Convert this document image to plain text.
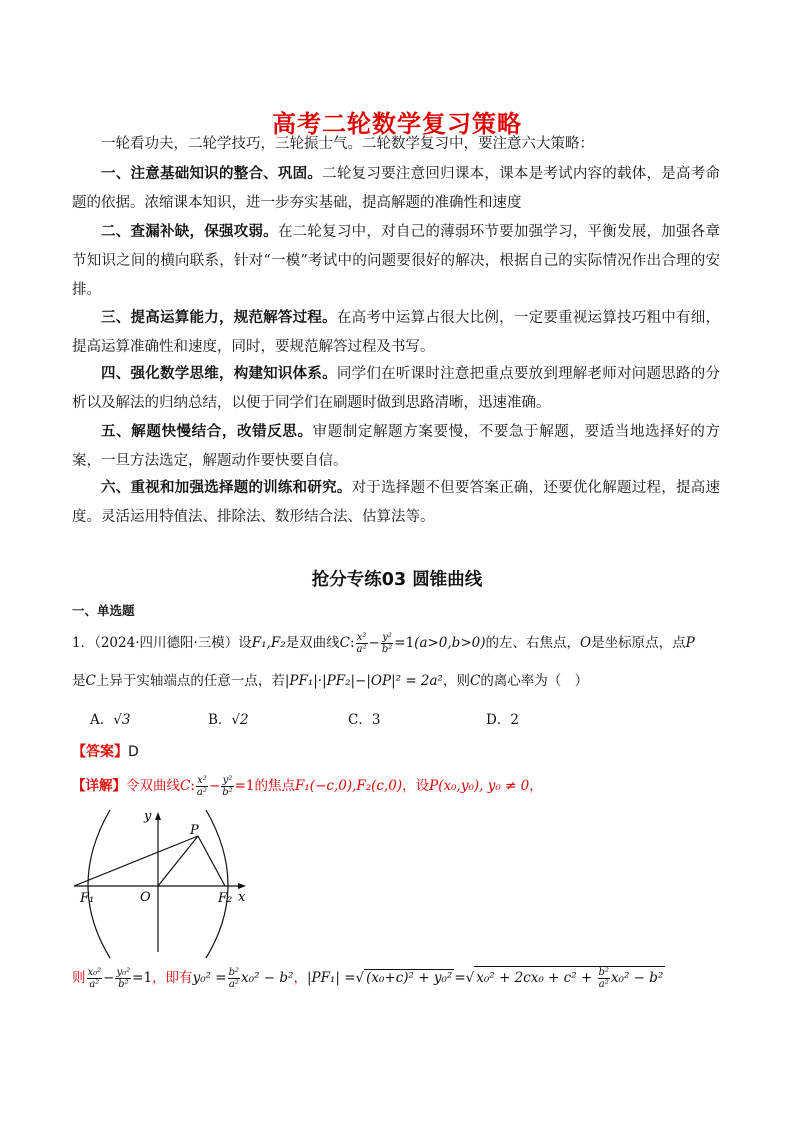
高考二轮数学复习策略

一轮看功夫，二轮学技巧，三轮振士气。二轮数学复习中，要注意六大策略：

一、注意基础知识的整合、巩固。二轮复习要注意回归课本，课本是考试内容的载体，是高考命题的依据。浓缩课本知识，进一步夯实基础，提高解题的准确性和速度

二、查漏补缺，保强攻弱。在二轮复习中，对自己的薄弱环节要加强学习，平衡发展，加强各章节知识之间的横向联系，针对“一模”考试中的问题要很好的解决，根据自己的实际情况作出合理的安排。

三、提高运算能力，规范解答过程。在高考中运算占很大比例，一定要重视运算技巧粗中有细，提高运算准确性和速度，同时，要规范解答过程及书写。

四、强化数学思维，构建知识体系。同学们在听课时注意把重点要放到理解老师对问题思路的分析以及解法的归纳总结，以便于同学们在刷题时做到思路清晰，迅速准确。

五、解题快慢结合，改错反思。审题制定解题方案要慢，不要急于解题，要适当地选择好的方案，一旦方法选定，解题动作要快要自信。

六、重视和加强选择题的训练和研究。对于选择题不但要答案正确，还要优化解题过程，提高速度。灵活运用特值法、排除法、数形结合法、估算法等。

抢分专练03 圆锥曲线
一、单选题
1．（2024·四川德阳·三模）设F₁,F₂是双曲线C: $\frac{\text{x²}}{\text{a²}} - \frac{\text{y²}}{\text{b²}} =1(a>0,b>0)$的左、右焦点，O是坐标原点，点P
是C上异于实轴端点的任意一点，若|PF₁|·|PF₂|−|OP|² = 2a²，则C的离心率为（　）
A．√3	B．√2	C．3	D．2
【答案】D
【详解】令双曲线C: $\frac{\text{x²}}{\text{a²}} - \frac{\text{y²}}{\text{b²}} =1$的焦点F₁(−c,0),F₂(c,0)，设P(x₀,y₀), y₀ ≠ 0，
y
P
O
F₁	F₂ x
则 $\frac{\text{x₀²}}{\text{a²}} - \frac{\text{y₀²}}{\text{b²}} =1$，即有$y_0^2 = \frac{\text{b²}}{\text{a²}} x_0^2 - b^2$，|PF₁| =√ (x₀+c)² + y₀² =√ $x_0^2 + 2cx_0 + c^2 + \frac{\text{b²}}{\text{a²}} x_0^2 - b^2$
